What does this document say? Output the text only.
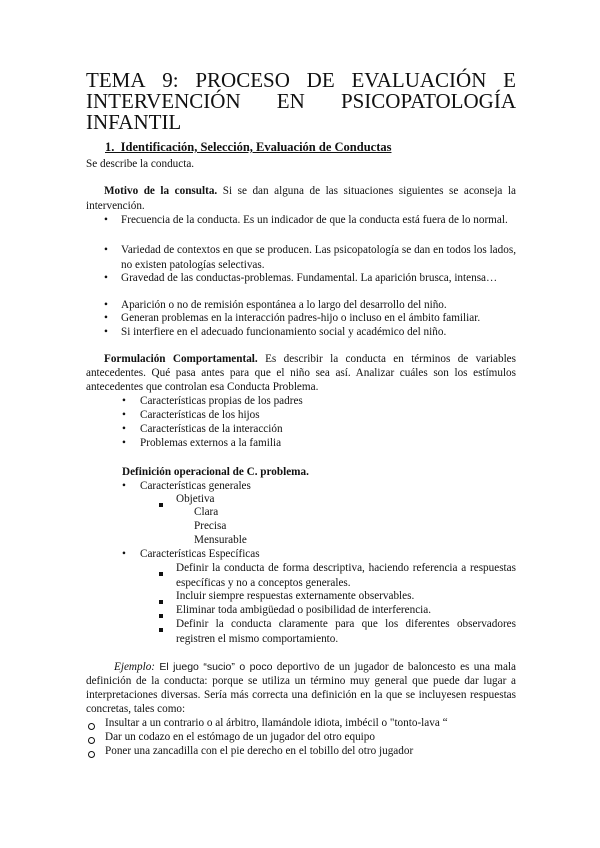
TEMA 9: PROCESO DE EVALUACIÓN E
INTERVENCIÓN EN PSICOPATOLOGÍA
INFANTIL
1.  Identificación, Selección, Evaluación de Conductas
Se describe la conducta.
Motivo de la consulta. Si se dan alguna de las situaciones siguientes se aconseja la intervención.
• Frecuencia de la conducta. Es un indicador de que la conducta está fuera de lo normal.
• Variedad de contextos en que se producen. Las psicopatología se dan en todos los lados, no existen patologías selectivas.
• Gravedad de las conductas-problemas. Fundamental. La aparición brusca, intensa…
• Aparición o no de remisión espontánea a lo largo del desarrollo del niño.
• Generan problemas en la interacción padres-hijo o incluso en el ámbito familiar.
• Si interfiere en el adecuado funcionamiento social y académico del niño.
Formulación Comportamental. Es describir la conducta en términos de variables antecedentes. Qué pasa antes para que el niño sea así. Analizar cuáles son los estímulos antecedentes que controlan esa Conducta Problema.
• Características propias de los padres
• Características de los hijos
• Características de la interacción
• Problemas externos a la familia
Definición operacional de C. problema.
• Características generales
Objetiva
Clara
Precisa
Mensurable
• Características Específicas
Definir la conducta de forma descriptiva, haciendo referencia a respuestas específicas y no a conceptos generales.
Incluir siempre respuestas externamente observables.
Eliminar toda ambigüedad o posibilidad de interferencia.
Definir la conducta claramente para que los diferentes observadores registren el mismo comportamiento.
Ejemplo: El juego “sucio” o poco deportivo de un jugador de baloncesto es una mala definición de la conducta: porque se utiliza un término muy general que puede dar lugar a interpretaciones diversas. Sería más correcta una definición en la que se incluyesen respuestas concretas, tales como:
Insultar a un contrario o al árbitro, llamándole idiota, imbécil o "tonto-lava “
Dar un codazo en el estómago de un jugador del otro equipo
Poner una zancadilla con el pie derecho en el tobillo del otro jugador
